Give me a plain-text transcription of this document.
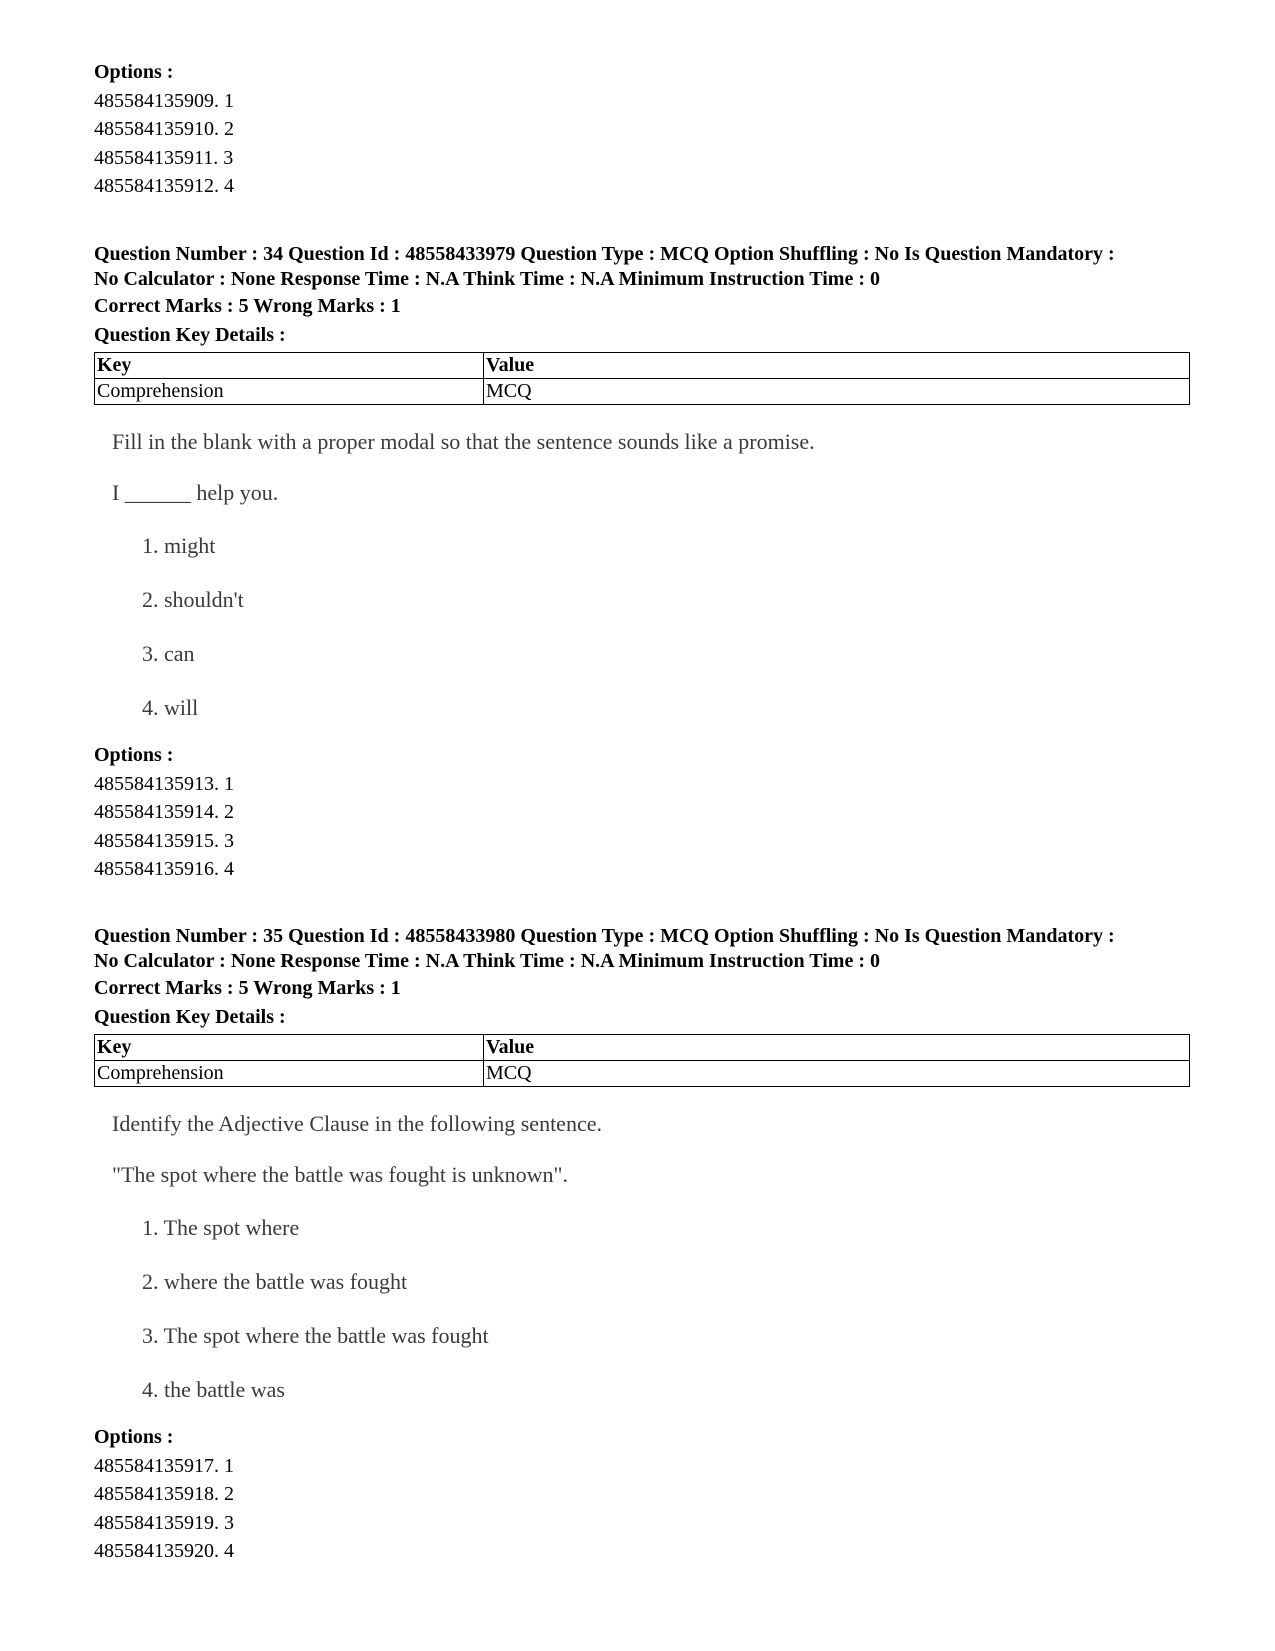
Options :
485584135909. 1
485584135910. 2
485584135911. 3
485584135912. 4
Question Number : 34 Question Id : 48558433979 Question Type : MCQ Option Shuffling : No Is Question Mandatory :
No Calculator : None Response Time : N.A Think Time : N.A Minimum Instruction Time : 0
Correct Marks : 5 Wrong Marks : 1
Question Key Details :
Key	Value
Comprehension	MCQ
Fill in the blank with a proper modal so that the sentence sounds like a promise.
I ______ help you.
1. might
2. shouldn't
3. can
4. will
Options :
485584135913. 1
485584135914. 2
485584135915. 3
485584135916. 4
Question Number : 35 Question Id : 48558433980 Question Type : MCQ Option Shuffling : No Is Question Mandatory :
No Calculator : None Response Time : N.A Think Time : N.A Minimum Instruction Time : 0
Correct Marks : 5 Wrong Marks : 1
Question Key Details :
Key	Value
Comprehension	MCQ
Identify the Adjective Clause in the following sentence.
"The spot where the battle was fought is unknown".
1. The spot where
2. where the battle was fought
3. The spot where the battle was fought
4. the battle was
Options :
485584135917. 1
485584135918. 2
485584135919. 3
485584135920. 4
